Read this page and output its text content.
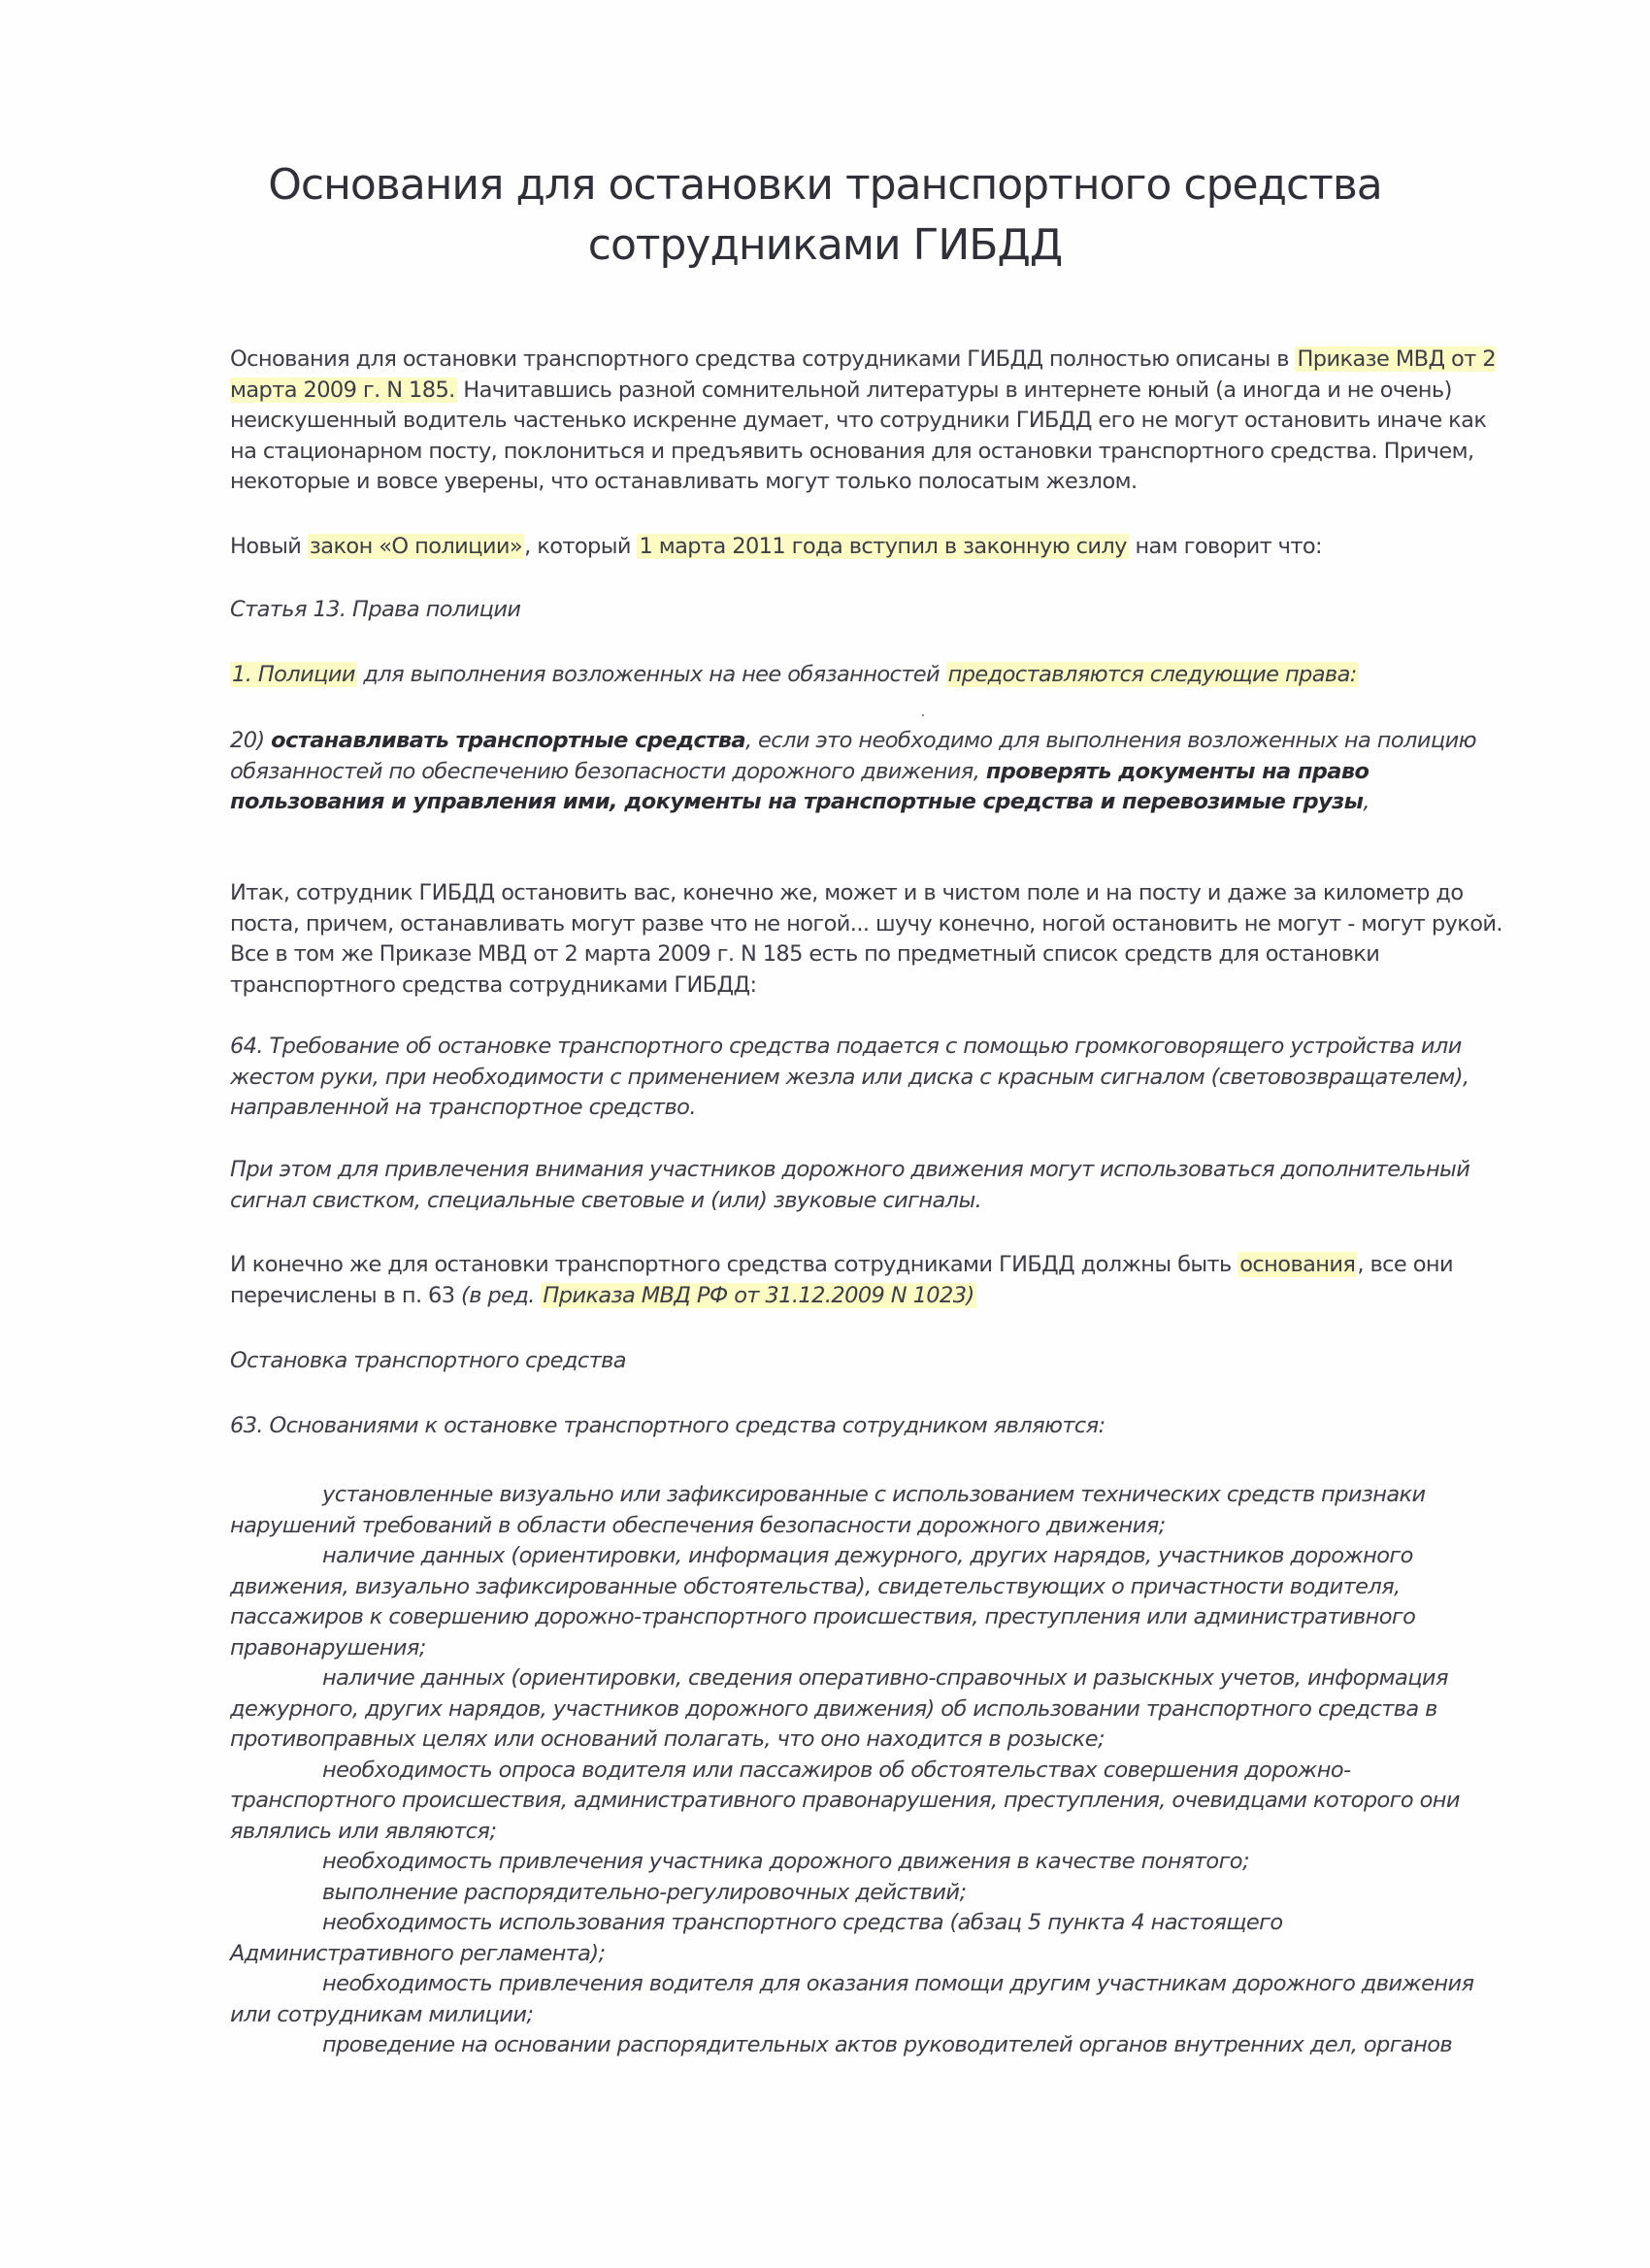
Основания для остановки транспортного средства
сотрудниками ГИБДД
Основания для остановки транспортного средства сотрудниками ГИБДД полностью описаны в Приказе МВД от 2 марта 2009 г. N 185. Начитавшись разной сомнительной литературы в интернете юный (а иногда и не очень) неискушенный водитель частенько искренне думает, что сотрудники ГИБДД его не могут остановить иначе как на стационарном посту, поклониться и предъявить основания для остановки транспортного средства. Причем, некоторые и вовсе уверены, что останавливать могут только полосатым жезлом.
Новый закон «О полиции», который 1 марта 2011 года вступил в законную силу нам говорит что:
Статья 13. Права полиции
1. Полиции для выполнения возложенных на нее обязанностей предоставляются следующие права:
20) останавливать транспортные средства, если это необходимо для выполнения возложенных на полицию обязанностей по обеспечению безопасности дорожного движения, проверять документы на право пользования и управления ими, документы на транспортные средства и перевозимые грузы,
Итак, сотрудник ГИБДД остановить вас, конечно же, может и в чистом поле и на посту и даже за километр до поста, причем, останавливать могут разве что не ногой... шучу конечно, ногой остановить не могут - могут рукой. Все в том же Приказе МВД от 2 марта 2009 г. N 185 есть по предметный список средств для остановки транспортного средства сотрудниками ГИБДД:
64. Требование об остановке транспортного средства подается с помощью громкоговорящего устройства или жестом руки, при необходимости с применением жезла или диска с красным сигналом (световозвращателем), направленной на транспортное средство.
При этом для привлечения внимания участников дорожного движения могут использоваться дополнительный сигнал свистком, специальные световые и (или) звуковые сигналы.
И конечно же для остановки транспортного средства сотрудниками ГИБДД должны быть основания, все они перечислены в п. 63 (в ред. Приказа МВД РФ от 31.12.2009 N 1023)
Остановка транспортного средства
63. Основаниями к остановке транспортного средства сотрудником являются:

установленные визуально или зафиксированные с использованием технических средств признаки нарушений требований в области обеспечения безопасности дорожного движения;

наличие данных (ориентировки, информация дежурного, других нарядов, участников дорожного движения, визуально зафиксированные обстоятельства), свидетельствующих о причастности водителя, пассажиров к совершению дорожно-транспортного происшествия, преступления или административного правонарушения;

наличие данных (ориентировки, сведения оперативно-справочных и разыскных учетов, информация дежурного, других нарядов, участников дорожного движения) об использовании транспортного средства в противоправных целях или оснований полагать, что оно находится в розыске;

необходимость опроса водителя или пассажиров об обстоятельствах совершения дорожно-транспортного происшествия, административного правонарушения, преступления, очевидцами которого они являлись или являются;

необходимость привлечения участника дорожного движения в качестве понятого;

выполнение распорядительно-регулировочных действий;

необходимость использования транспортного средства (абзац 5 пункта 4 настоящего Административного регламента);

необходимость привлечения водителя для оказания помощи другим участникам дорожного движения или сотрудникам милиции;

проведение на основании распорядительных актов руководителей органов внутренних дел, органов
